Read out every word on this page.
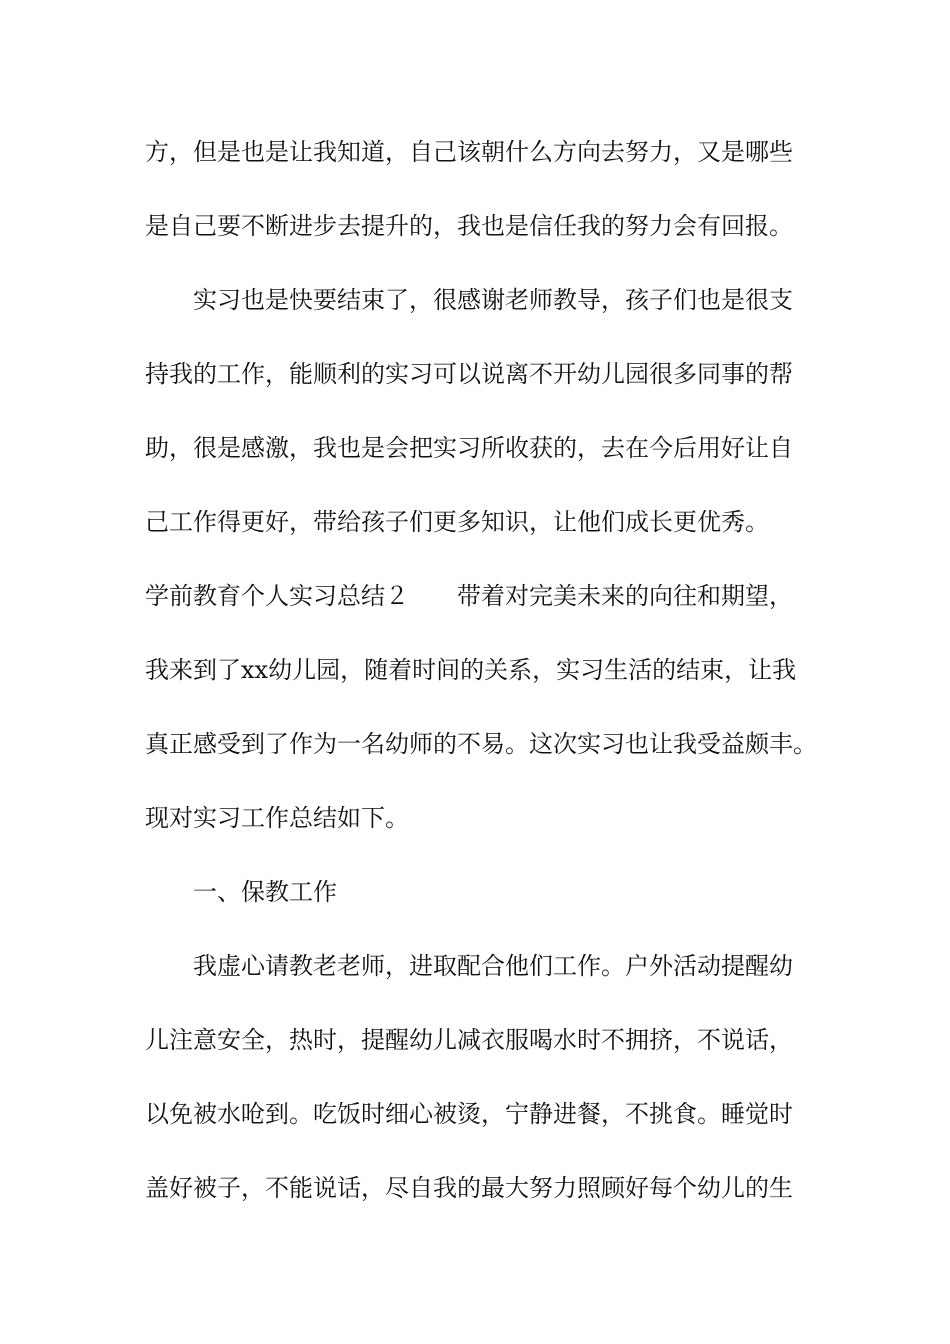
方，但是也是让我知道，自己该朝什么方向去努力，又是哪些
是自己要不断进步去提升的，我也是信任我的努力会有回报。
实习也是快要结束了，很感谢老师教导，孩子们也是很支
持我的工作，能顺利的实习可以说离不开幼儿园很多同事的帮
助，很是感激，我也是会把实习所收获的，去在今后用好让自
己工作得更好，带给孩子们更多知识，让他们成长更优秀。
学前教育个人实习总结２　　带着对完美未来的向往和期望，
我来到了xx幼儿园，随着时间的关系，实习生活的结束，让我
真正感受到了作为一名幼师的不易。这次实习也让我受益颇丰。
现对实习工作总结如下。
一、保教工作
我虚心请教老老师，进取配合他们工作。户外活动提醒幼
儿注意安全，热时，提醒幼儿减衣服喝水时不拥挤，不说话，
以免被水呛到。吃饭时细心被烫，宁静进餐，不挑食。睡觉时
盖好被子，不能说话，尽自我的最大努力照顾好每个幼儿的生
